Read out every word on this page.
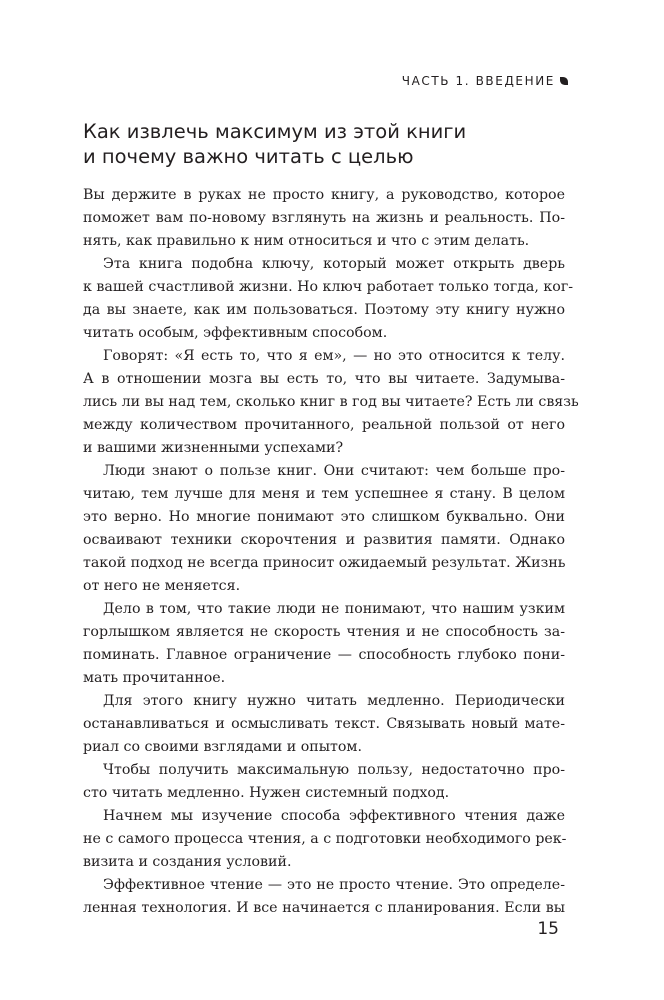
ЧАСТЬ 1. ВВЕДЕНИЕ
Как извлечь максимум из этой книги
и почему важно читать с целью
Вы держите в руках не просто книгу, а руководство, которое
поможет вам по-новому взглянуть на жизнь и реальность. По-
нять, как правильно к ним относиться и что с этим делать.
Эта книга подобна ключу, который может открыть дверь
к вашей счастливой жизни. Но ключ работает только тогда, ког-
да вы знаете, как им пользоваться. Поэтому эту книгу нужно
читать особым, эффективным способом.
Говорят: «Я есть то, что я ем», — но это относится к телу.
А в отношении мозга вы есть то, что вы читаете. Задумыва-
лись ли вы над тем, сколько книг в год вы читаете? Есть ли связь
между количеством прочитанного, реальной пользой от него
и вашими жизненными успехами?
Люди знают о пользе книг. Они считают: чем больше про-
читаю, тем лучше для меня и тем успешнее я стану. В целом
это верно. Но многие понимают это слишком буквально. Они
осваивают техники скорочтения и развития памяти. Однако
такой подход не всегда приносит ожидаемый результат. Жизнь
от него не меняется.
Дело в том, что такие люди не понимают, что нашим узким
горлышком является не скорость чтения и не способность за-
поминать. Главное ограничение — способность глубоко пони-
мать прочитанное.
Для этого книгу нужно читать медленно. Периодически
останавливаться и осмысливать текст. Связывать новый мате-
риал со своими взглядами и опытом.
Чтобы получить максимальную пользу, недостаточно про-
сто читать медленно. Нужен системный подход.
Начнем мы изучение способа эффективного чтения даже
не с самого процесса чтения, а с подготовки необходимого рек-
визита и создания условий.
Эффективное чтение — это не просто чтение. Это определе-
ленная технология. И все начинается с планирования. Если вы
15
